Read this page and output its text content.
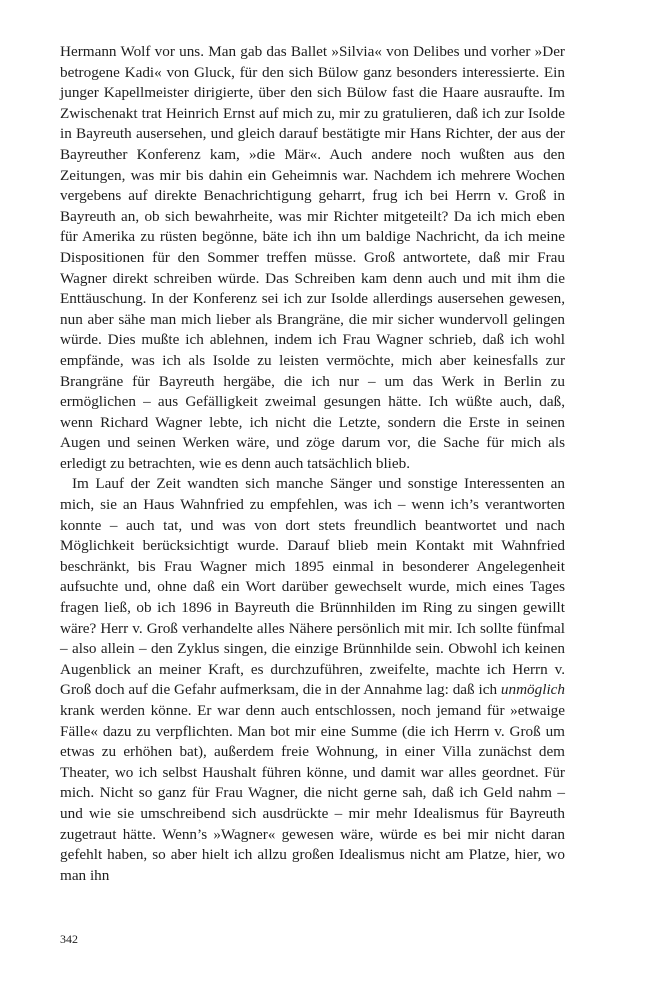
Hermann Wolf vor uns. Man gab das Ballet »Silvia« von Delibes und vorher »Der betrogene Kadi« von Gluck, für den sich Bülow ganz besonders interessierte. Ein junger Kapellmeister dirigierte, über den sich Bülow fast die Haare ausraufte. Im Zwischenakt trat Heinrich Ernst auf mich zu, mir zu gratulieren, daß ich zur Isolde in Bayreuth ausersehen, und gleich darauf bestätigte mir Hans Richter, der aus der Bayreuther Konferenz kam, »die Mär«. Auch andere noch wußten aus den Zeitungen, was mir bis dahin ein Geheimnis war. Nachdem ich mehrere Wochen vergebens auf direkte Benachrichtigung geharrt, frug ich bei Herrn v. Groß in Bayreuth an, ob sich bewahrheite, was mir Richter mitgeteilt? Da ich mich eben für Amerika zu rüsten begönne, bäte ich ihn um baldige Nachricht, da ich meine Dispositionen für den Sommer treffen müsse. Groß antwortete, daß mir Frau Wagner direkt schreiben würde. Das Schreiben kam denn auch und mit ihm die Enttäuschung. In der Konferenz sei ich zur Isolde allerdings ausersehen gewesen, nun aber sähe man mich lieber als Brangräne, die mir sicher wundervoll gelingen würde. Dies mußte ich ablehnen, indem ich Frau Wagner schrieb, daß ich wohl empfände, was ich als Isolde zu leisten vermöchte, mich aber keinesfalls zur Brangräne für Bayreuth hergäbe, die ich nur – um das Werk in Berlin zu ermöglichen – aus Gefälligkeit zweimal gesungen hätte. Ich wüßte auch, daß, wenn Richard Wagner lebte, ich nicht die Letzte, sondern die Erste in seinen Augen und seinen Werken wäre, und zöge darum vor, die Sache für mich als erledigt zu betrachten, wie es denn auch tatsächlich blieb.

Im Lauf der Zeit wandten sich manche Sänger und sonstige Interessenten an mich, sie an Haus Wahnfried zu empfehlen, was ich – wenn ich’s verantworten konnte – auch tat, und was von dort stets freundlich beantwortet und nach Möglichkeit berücksichtigt wurde. Darauf blieb mein Kontakt mit Wahnfried beschränkt, bis Frau Wagner mich 1895 einmal in besonderer Angelegenheit aufsuchte und, ohne daß ein Wort darüber gewechselt wurde, mich eines Tages fragen ließ, ob ich 1896 in Bayreuth die Brünnhilden im Ring zu singen gewillt wäre? Herr v. Groß verhandelte alles Nähere persönlich mit mir. Ich sollte fünfmal – also allein – den Zyklus singen, die einzige Brünnhilde sein. Obwohl ich keinen Augenblick an meiner Kraft, es durchzuführen, zweifelte, machte ich Herrn v. Groß doch auf die Gefahr aufmerksam, die in der Annahme lag: daß ich unmöglich krank werden könne. Er war denn auch entschlossen, noch jemand für »etwaige Fälle« dazu zu verpflichten. Man bot mir eine Summe (die ich Herrn v. Groß um etwas zu erhöhen bat), außerdem freie Wohnung, in einer Villa zunächst dem Theater, wo ich selbst Haushalt führen könne, und damit war alles geordnet. Für mich. Nicht so ganz für Frau Wagner, die nicht gerne sah, daß ich Geld nahm – und wie sie umschreibend sich ausdrückte – mir mehr Idealismus für Bayreuth zugetraut hätte. Wenn’s »Wagner« gewesen wäre, würde es bei mir nicht daran gefehlt haben, so aber hielt ich allzu großen Idealismus nicht am Platze, hier, wo man ihn

342
